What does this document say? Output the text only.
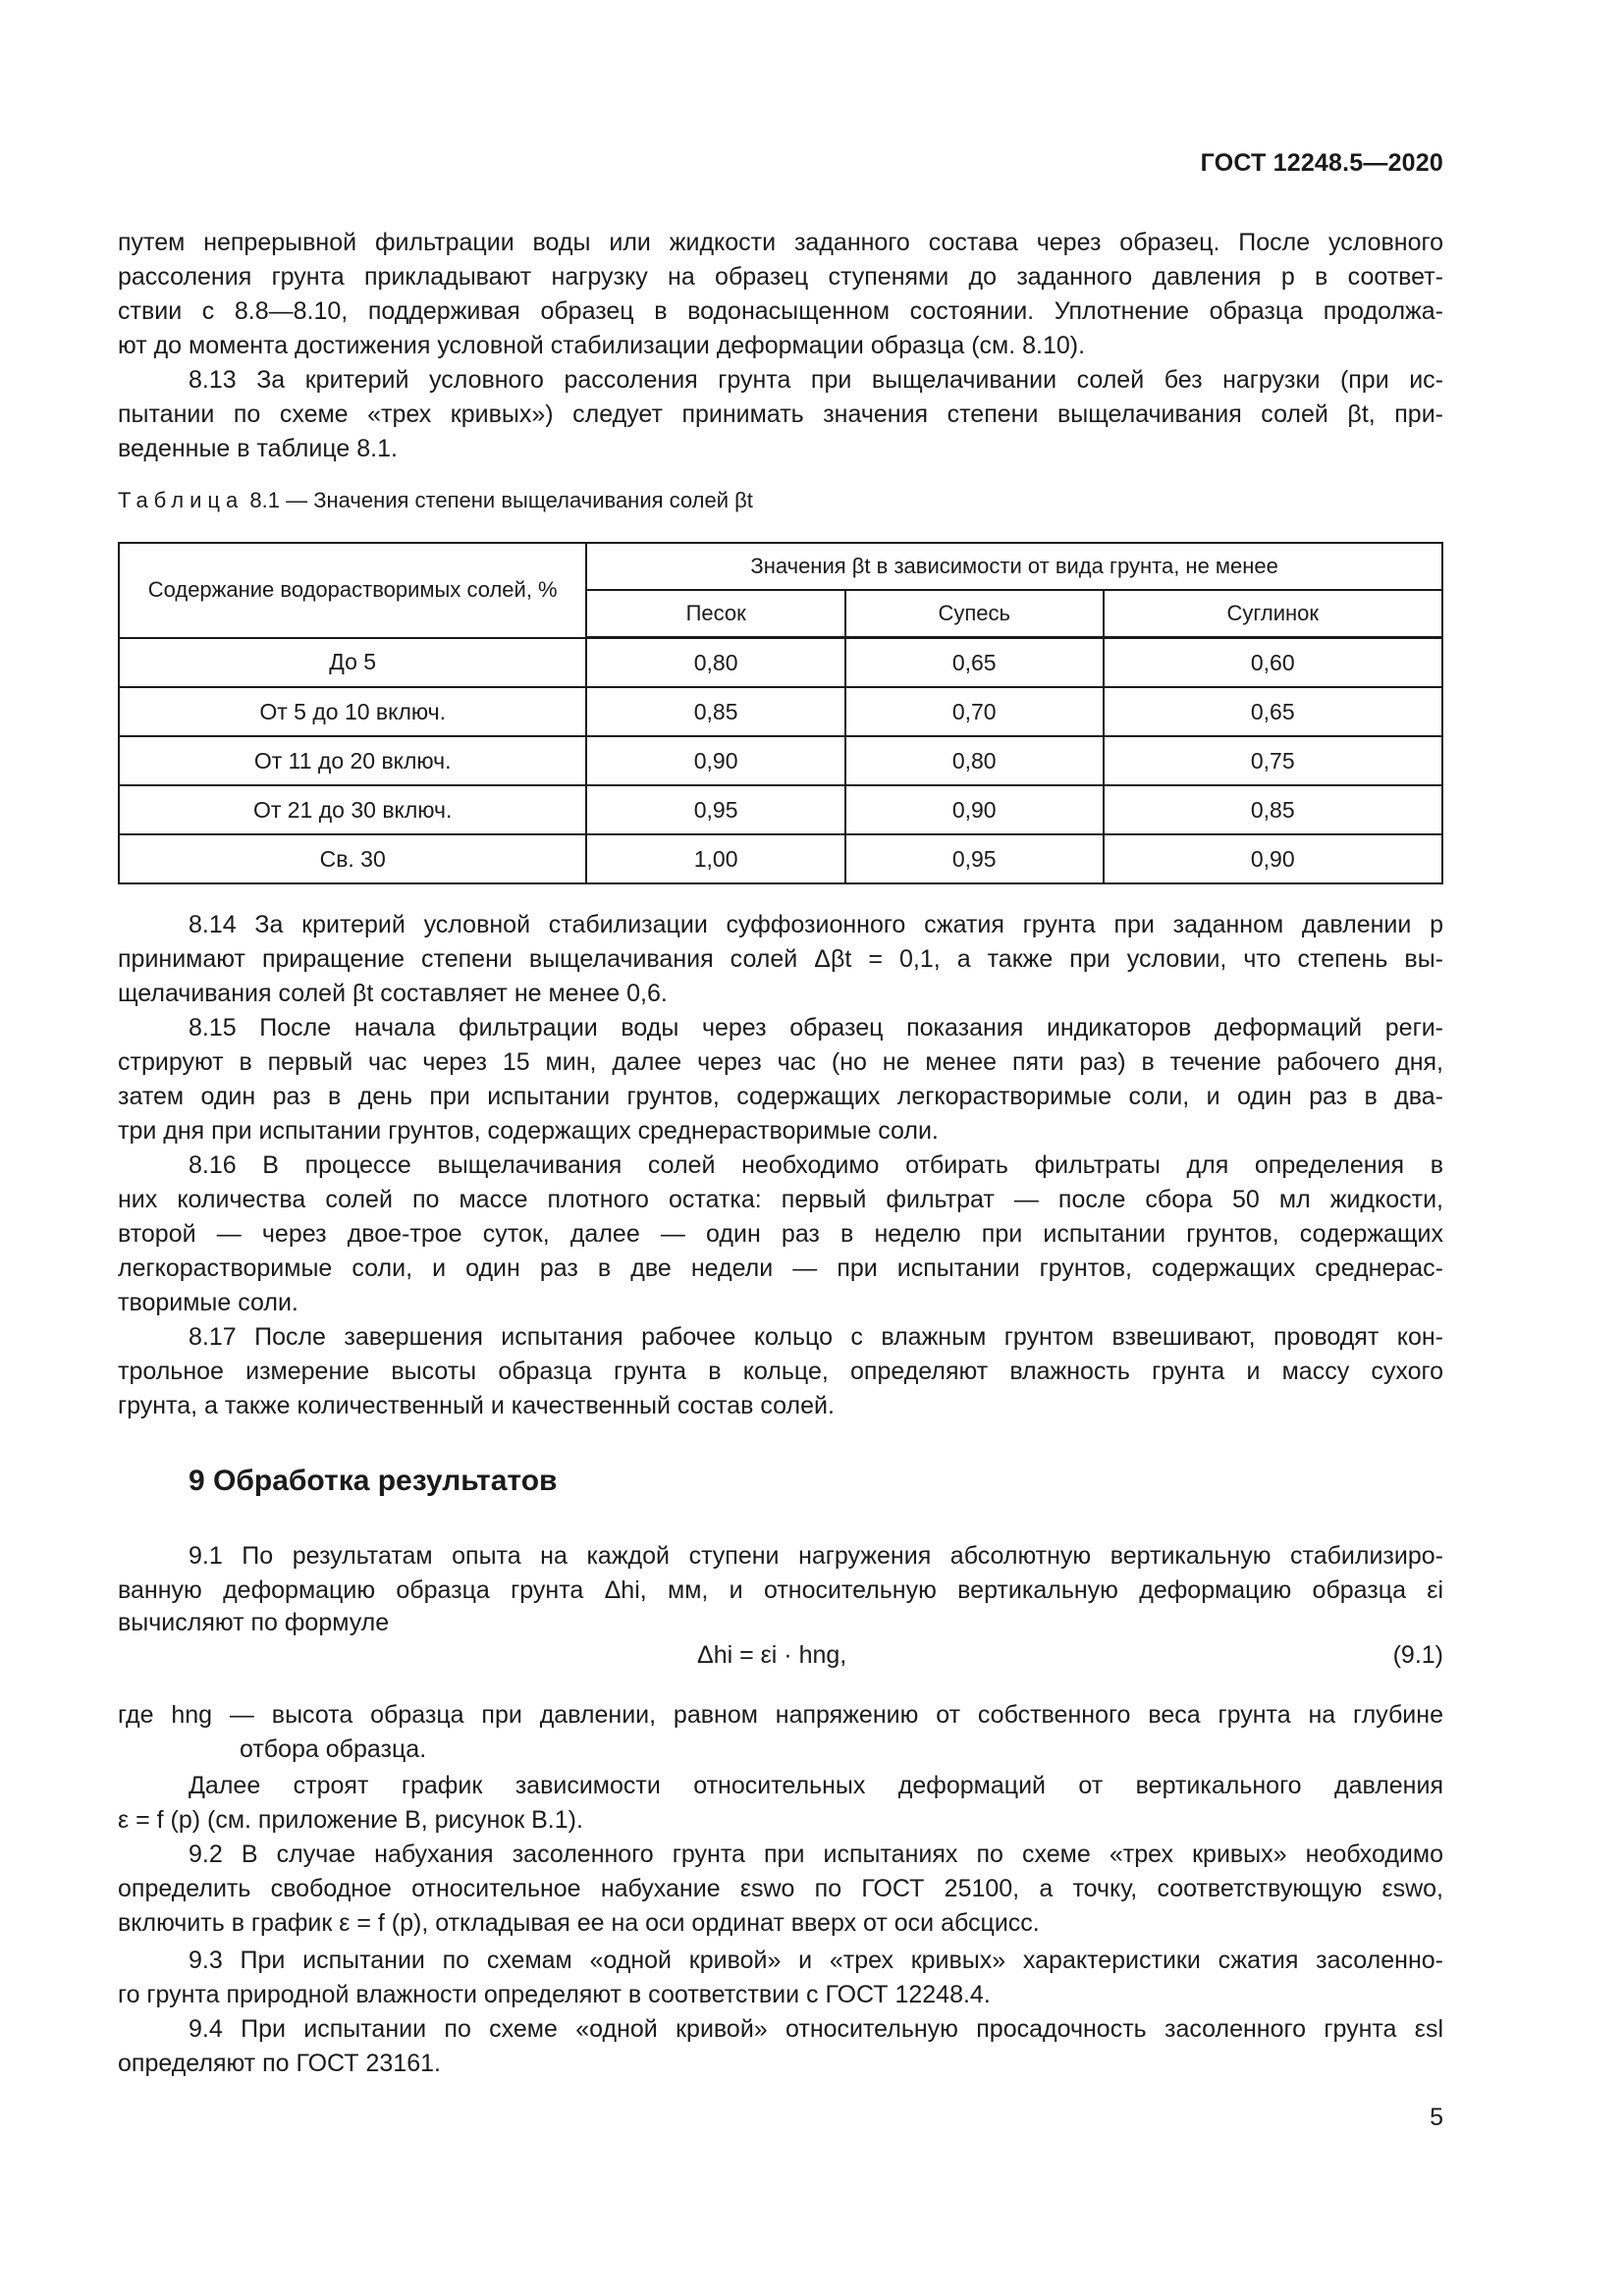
ГОСТ 12248.5—2020
путем непрерывной фильтрации воды или жидкости заданного состава через образец. После условного
рассоления грунта прикладывают нагрузку на образец ступенями до заданного давления p в соответ-
ствии с 8.8—8.10, поддерживая образец в водонасыщенном состоянии. Уплотнение образца продолжа-
ют до момента достижения условной стабилизации деформации образца (см. 8.10).
8.13 За критерий условного рассоления грунта при выщелачивании солей без нагрузки (при ис-
пытании по схеме «трех кривых») следует принимать значения степени выщелачивания солей βt, при-
веденные в таблице 8.1.
Таблица 8.1 — Значения степени выщелачивания солей βt
Содержание водорастворимых солей, %	Значения βt в зависимости от вида грунта, не менее		
	Песок	Супесь	Суглинок
До 5	0,80	0,65	0,60
От 5 до 10 включ.	0,85	0,70	0,65
От 11 до 20 включ.	0,90	0,80	0,75
От 21 до 30 включ.	0,95	0,90	0,85
Св. 30	1,00	0,95	0,90
8.14 За критерий условной стабилизации суффозионного сжатия грунта при заданном давлении p
принимают приращение степени выщелачивания солей Δβt = 0,1, а также при условии, что степень вы-
щелачивания солей βt составляет не менее 0,6.
8.15 После начала фильтрации воды через образец показания индикаторов деформаций реги-
стрируют в первый час через 15 мин, далее через час (но не менее пяти раз) в течение рабочего дня,
затем один раз в день при испытании грунтов, содержащих легкорастворимые соли, и один раз в два-
три дня при испытании грунтов, содержащих среднерастворимые соли.
8.16 В процессе выщелачивания солей необходимо отбирать фильтраты для определения в
них количества солей по массе плотного остатка: первый фильтрат — после сбора 50 мл жидкости,
второй — через двое-трое суток, далее — один раз в неделю при испытании грунтов, содержащих
легкорастворимые соли, и один раз в две недели — при испытании грунтов, содержащих среднерас-
творимые соли.
8.17 После завершения испытания рабочее кольцо с влажным грунтом взвешивают, проводят кон-
трольное измерение высоты образца грунта в кольце, определяют влажность грунта и массу сухого
грунта, а также количественный и качественный состав солей.
9 Обработка результатов
9.1 По результатам опыта на каждой ступени нагружения абсолютную вертикальную стабилизиро-
ванную деформацию образца грунта Δhi, мм, и относительную вертикальную деформацию образца εi
вычисляют по формуле
Δhi = εi · hng,	(9.1)
где hng — высота образца при давлении, равном напряжению от собственного веса грунта на глубине
отбора образца.
Далее строят график зависимости относительных деформаций от вертикального давления
ε = f (p) (см. приложение В, рисунок В.1).
9.2 В случае набухания засоленного грунта при испытаниях по схеме «трех кривых» необходимо
определить свободное относительное набухание εswo по ГОСТ 25100, а точку, соответствующую εswo,
включить в график ε = f (p), откладывая ее на оси ординат вверх от оси абсцисс.
9.3 При испытании по схемам «одной кривой» и «трех кривых» характеристики сжатия засоленно-
го грунта природной влажности определяют в соответствии с ГОСТ 12248.4.
9.4 При испытании по схеме «одной кривой» относительную просадочность засоленного грунта εsl
определяют по ГОСТ 23161.
5
